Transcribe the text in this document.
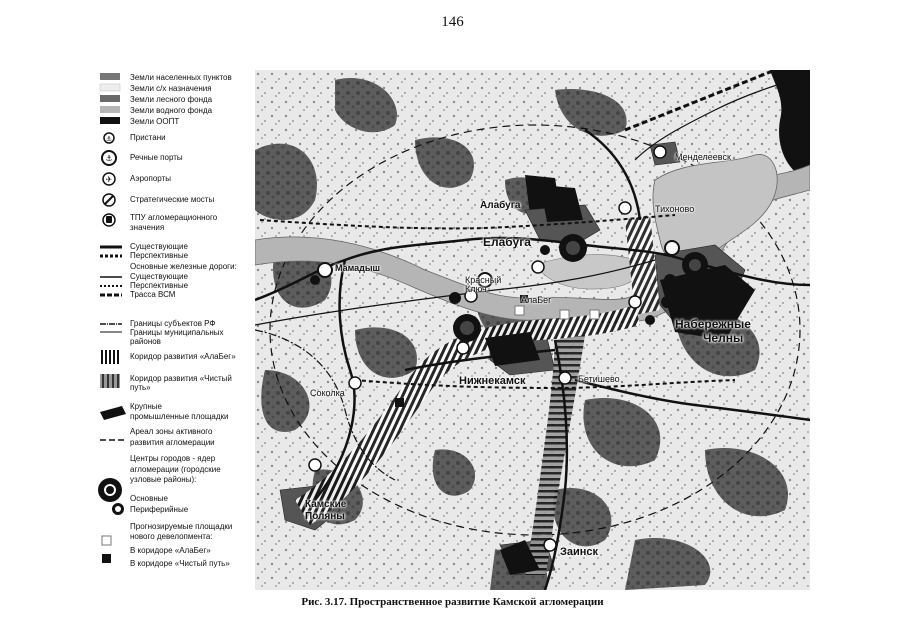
146
⚓
⚓
✈
Земли населенных пунктов
Земли с/х назначения
Земли лесного фонда
Земли водного фонда
Земли ООПТ
Пристани
Речные порты
Аэропорты
Стратегические мосты
ТПУ агломерационного
значения
Существующие
Перспективные
Основные железные дороги:
Существующие
Перспективные
Трасса ВСМ
Границы субъектов РФ
Границы муниципальных
районов
Коридор развития «АлаБег»
Коридор развития «Чистый
путь»
Крупные
промышленные площадки
Ареал зоны активного
развития агломерации
Центры городов - ядер
агломерации (городские
узловые районы):
Основные
Периферийные
Прогнозируемые площадки
нового девелопмента:
В коридоре «АлаБег»
В коридоре «Чистый путь»
Алабуга
Елабуга
Мамадыш
Красный
Ключ
АлаБег
Тихоново
Менделеевск
Набережные
Челны
Нижнекамск	Бетишево
Соколка
Камские
Поляны
Заинск
Рис. 3.17. Пространственное развитие Камской агломерации
